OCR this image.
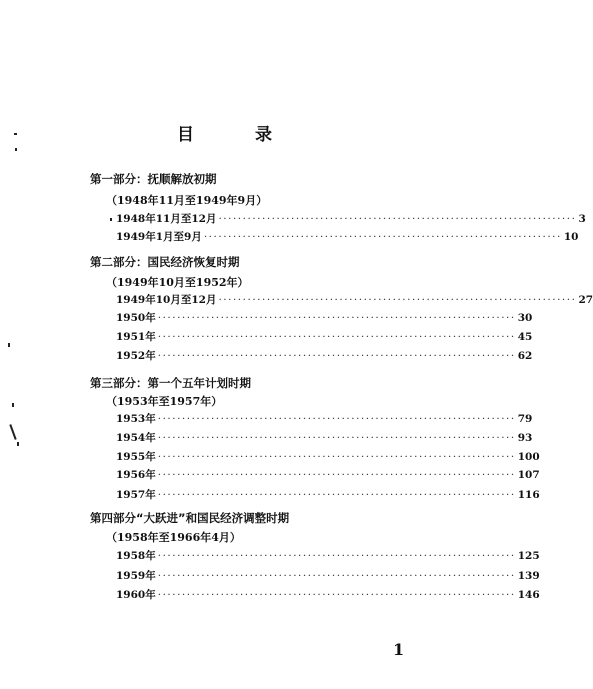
目	录
第一部分：抚顺解放初期
（1948年11月至1949年9月）
1948年11月至12月 ·········································································· 3
1949年1月至9月 ·········································································· 10
第二部分：国民经济恢复时期
（1949年10月至1952年）
1949年10月至12月 ·········································································· 27
1950年 ·········································································· 30
1951年 ·········································································· 45
1952年 ·········································································· 62
第三部分：第一个五年计划时期
（1953年至1957年）
1953年 ·········································································· 79
1954年 ·········································································· 93
1955年 ·········································································· 100
1956年 ·········································································· 107
1957年 ·········································································· 116
第四部分“大跃进”和国民经济调整时期
（1958年至1966年4月）
1958年 ·········································································· 125
1959年 ·········································································· 139
1960年 ·········································································· 146
1
